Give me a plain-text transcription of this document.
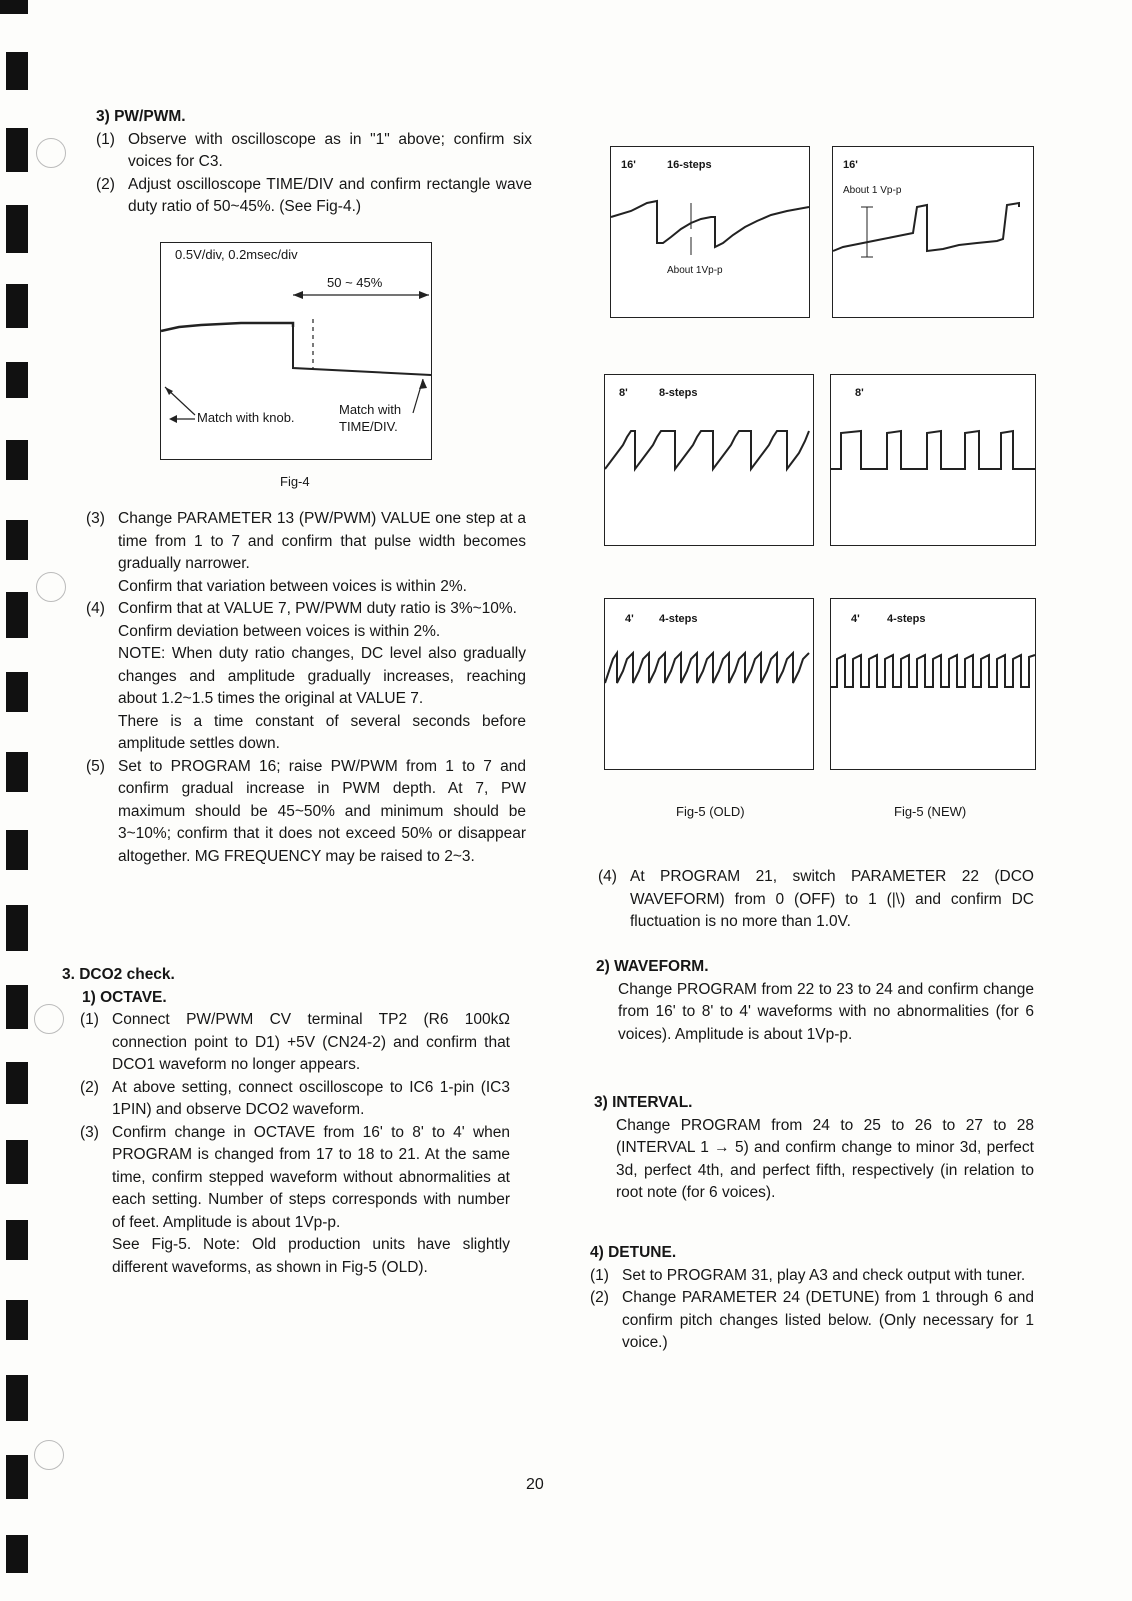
3) PW/PWM.
(1) Observe with oscilloscope as in "1" above; confirm six voices for C3.
(2) Adjust oscilloscope TIME/DIV and confirm rectangle wave duty ratio of 50~45%. (See Fig-4.)
0.5V/div, 0.2msec/div
50 ~ 45%
Match with knob.
Match with TIME/DIV.
Fig-4
(3) Change PARAMETER 13 (PW/PWM) VALUE one step at a time from 1 to 7 and confirm that pulse width becomes gradually narrower.
Confirm that variation between voices is within 2%.
(4) Confirm that at VALUE 7, PW/PWM duty ratio is 3%~10%.
Confirm deviation between voices is within 2%.
NOTE: When duty ratio changes, DC level also gradually changes and amplitude gradually increases, reaching about 1.2~1.5 times the original at VALUE 7.
There is a time constant of several seconds before amplitude settles down.
(5) Set to PROGRAM 16; raise PW/PWM from 1 to 7 and confirm gradual increase in PWM depth. At 7, PW maximum should be 45~50% and minimum should be 3~10%; confirm that it does not exceed 50% or disappear altogether. MG FREQUENCY may be raised to 2~3.
3. DCO2 check.
1) OCTAVE.
(1) Connect PW/PWM CV terminal TP2 (R6 100kΩ connection point to D1) +5V (CN24-2) and confirm that DCO1 waveform no longer appears.
(2) At above setting, connect oscilloscope to IC6 1-pin (IC3 1PIN) and observe DCO2 waveform.
(3) Confirm change in OCTAVE from 16' to 8' to 4' when PROGRAM is changed from 17 to 18 to 21. At the same time, confirm stepped waveform without abnormalities at each setting. Number of steps corresponds with number of feet. Amplitude is about 1Vp-p.
See Fig-5. Note: Old production units have slightly different waveforms, as shown in Fig-5 (OLD).
16'	16-steps
About 1Vp-p
16'
About 1 Vp-p
8'	8-steps	8'
4' 4-steps	4' 4-steps
Fig-5 (OLD)	Fig-5 (NEW)
(4) At PROGRAM 21, switch PARAMETER 22 (DCO WAVEFORM) from 0 (OFF) to 1 (|\) and confirm DC fluctuation is no more than 1.0V.
2) WAVEFORM.
Change PROGRAM from 22 to 23 to 24 and confirm change from 16' to 8' to 4' waveforms with no abnormalities (for 6 voices). Amplitude is about 1Vp-p.
3) INTERVAL.
Change PROGRAM from 24 to 25 to 26 to 27 to 28 (INTERVAL 1 → 5) and confirm change to minor 3d, perfect 3d, perfect 4th, and perfect fifth, respectively (in relation to root note (for 6 voices).
4) DETUNE.
(1) Set to PROGRAM 31, play A3 and check output with tuner.
(2) Change PARAMETER 24 (DETUNE) from 1 through 6 and confirm pitch changes listed below. (Only necessary for 1 voice.)
20
